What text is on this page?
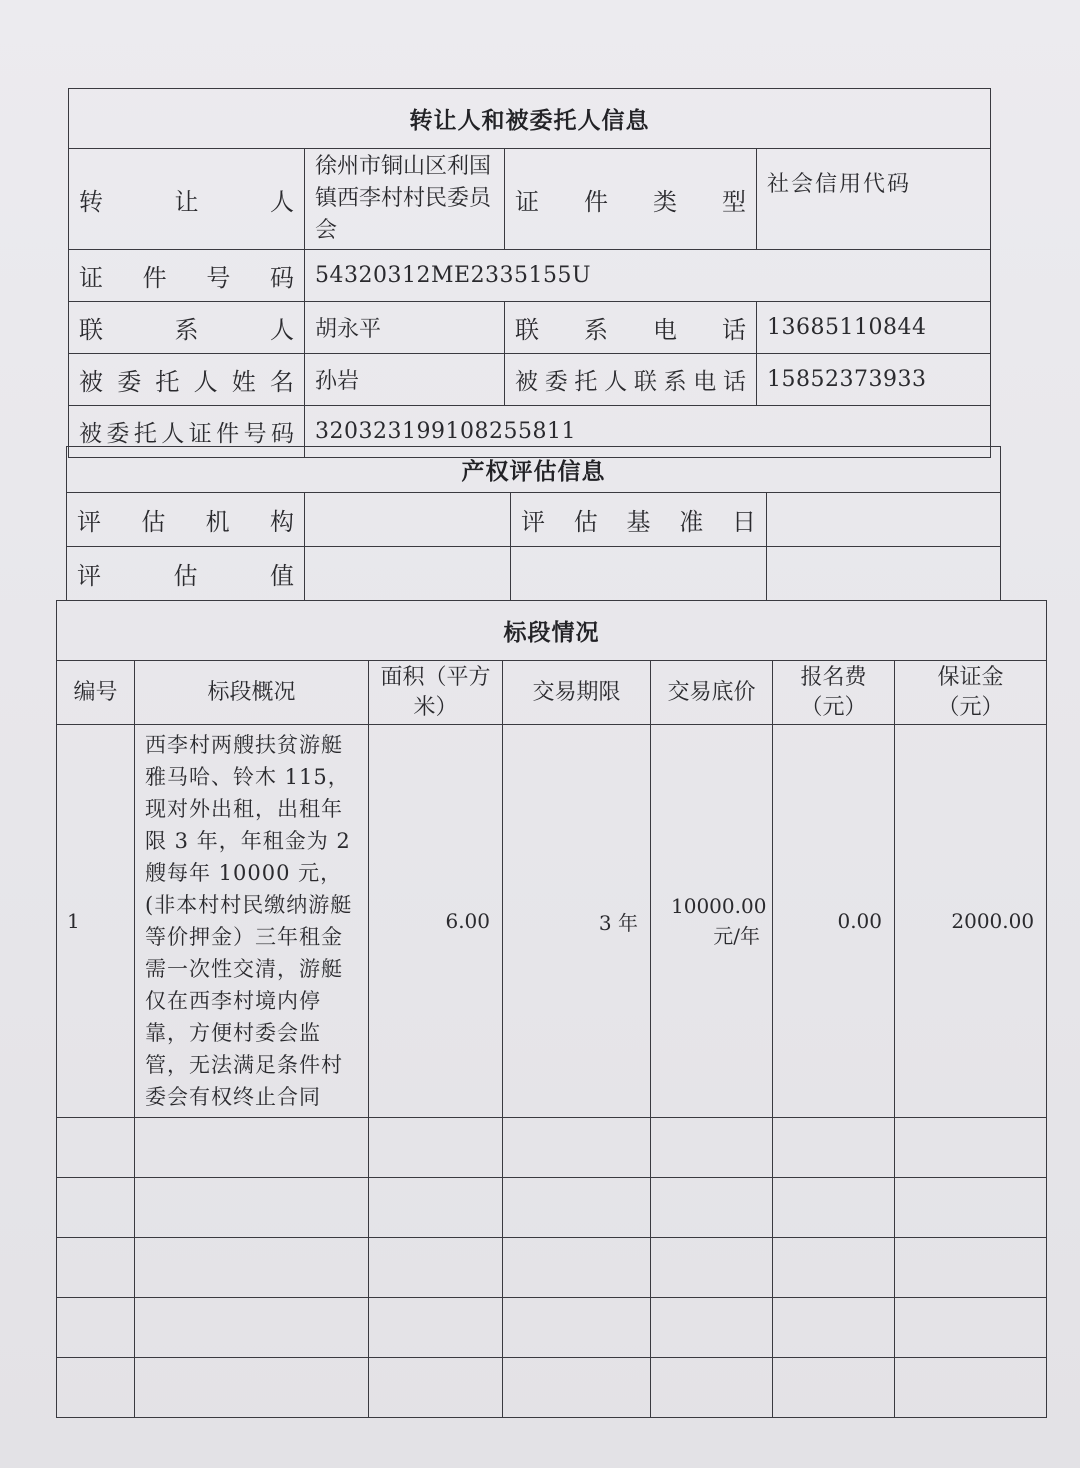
转让人和被委托人信息			
转让人	徐州市铜山区利国镇西李村村民委员会	证件类型	社会信用代码
证件号码	54320312ME2335155U		
联系人	胡永平	联系电话	13685110844
被委托人姓名	孙岩	被委托人联系电话	15852373933
被委托人证件号码	320323199108255811		
产权评估信息			
评估机构		评估基准日	
评估值			
标段情况						
编号	标段概况	面积（平方米）	交易期限	交易底价	报名费（元）	保证金（元）
1	西李村两艘扶贫游艇雅马哈、铃木 115，现对外出租，出租年限 3 年，年租金为 2 艘每年 10000 元，(非本村村民缴纳游艇等价押金）三年租金需一次性交清，游艇仅在西李村境内停靠，方便村委会监管，无法满足条件村委会有权终止合同	6.00	3 年	10000.00 元/年	0.00	2000.00
